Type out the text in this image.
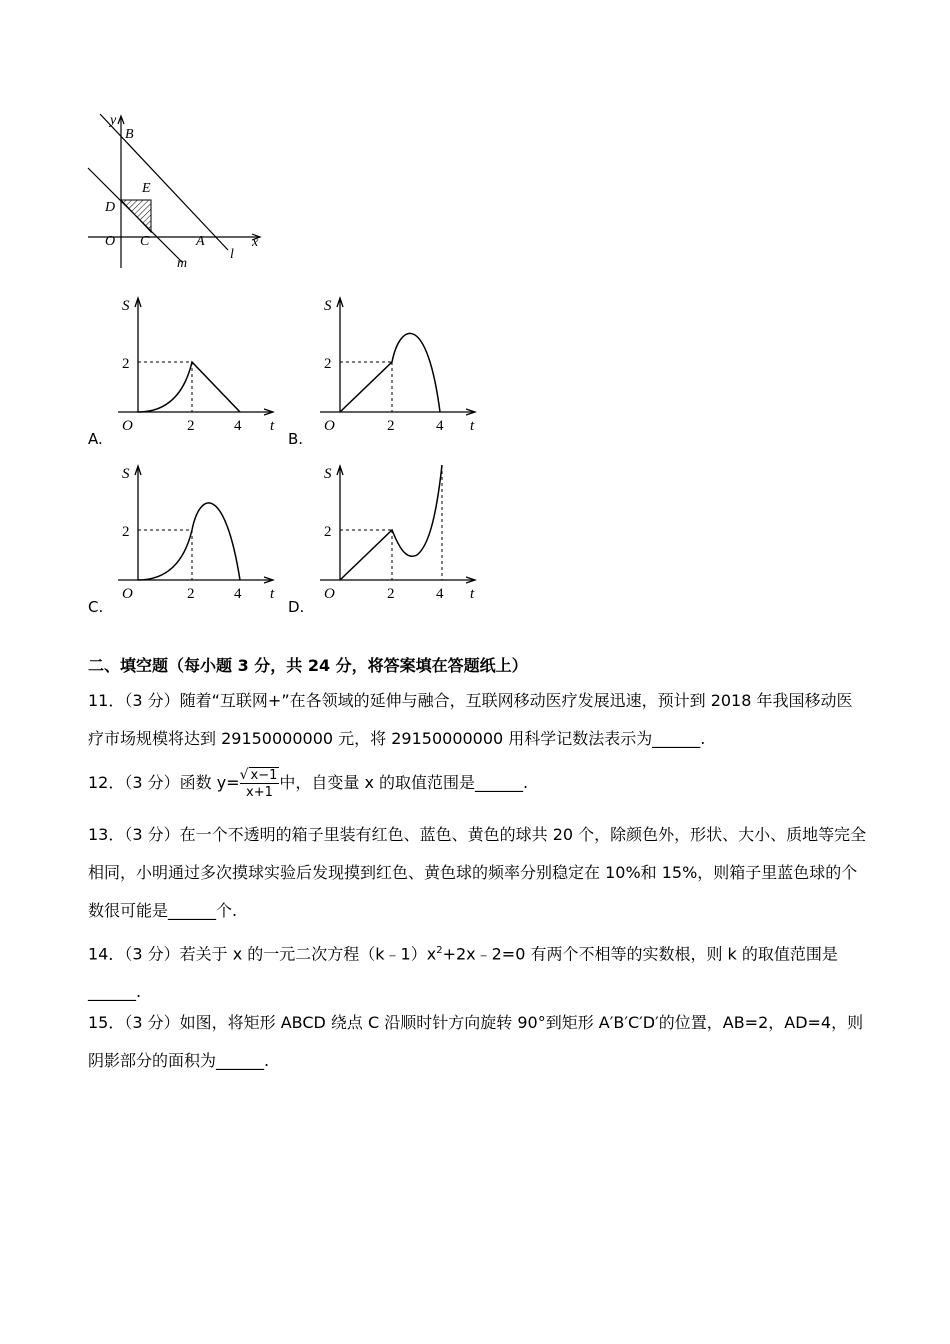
y
B
E
D
O C	A	x
m
l
A.
S
2
O	2	4 t
B.
S
2
O	2	4 t
C.
S
2
O	2	4 t
D.
S
2
O	2	4 t
二、填空题（每小题 3 分，共 24 分，将答案填在答题纸上）
11．（3 分）随着“互联网+”在各领域的延伸与融合，互联网移动医疗发展迅速，预计到 2018 年我国移动医疗市场规模将达到 29150000000 元，将 29150000000 用科学记数法表示为______.
12．（3 分）函数 $y= \frac{√ x-1}{x+1}$ 中，自变量 x 的取值范围是______.
13．（3 分）在一个不透明的箱子里装有红色、蓝色、黄色的球共 20 个，除颜色外，形状、大小、质地等完全相同，小明通过多次摸球实验后发现摸到红色、黄色球的频率分别稳定在 10%和 15%，则箱子里蓝色球的个数很可能是______个.
14．（3 分）若关于 x 的一元二次方程$(k﹣1)x^2+2x﹣2=0$ 有两个不相等的实数根，则 k 的取值范围是______.
15．（3 分）如图，将矩形 ABCD 绕点 C 沿顺时针方向旋转 90°到矩形 A′B′C′D′的位置，AB=2，AD=4，则阴影部分的面积为______.
